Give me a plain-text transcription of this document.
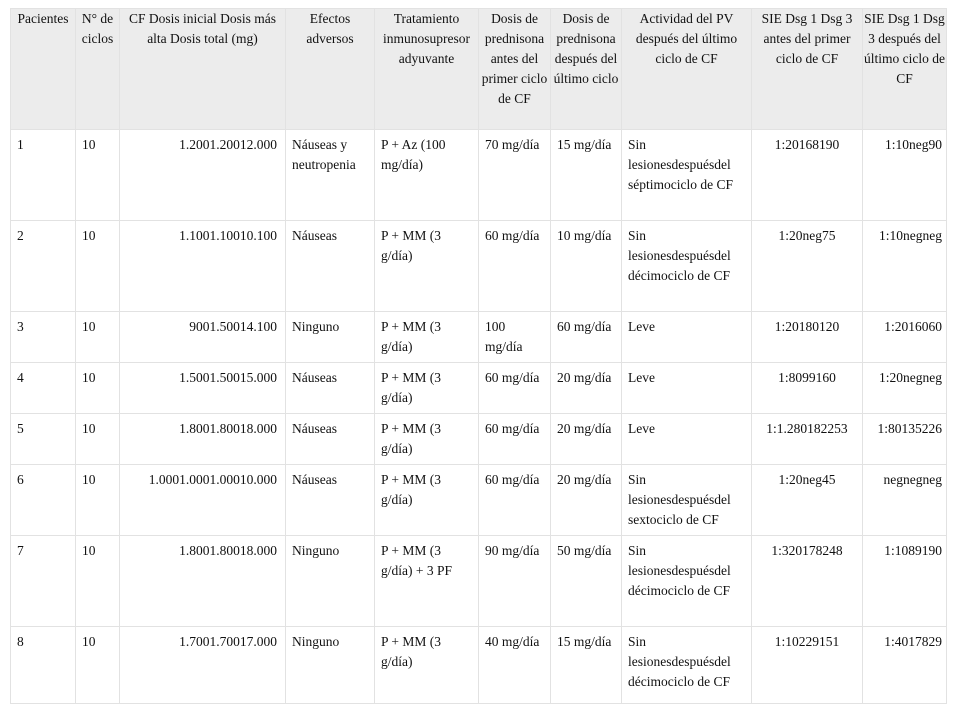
Pacientes	N° de ciclos	CF Dosis inicial Dosis más alta Dosis total (mg)	Efectos adversos	Tratamiento inmunosupresor adyuvante	Dosis de prednisona antes del primer ciclo de CF	Dosis de prednisona después del último ciclo	Actividad del PV después del último ciclo de CF	SIE Dsg 1 Dsg 3 antes del primer ciclo de CF	SIE Dsg 1 Dsg 3 después del último ciclo de CF
1	10	1.2001.20012.000	Náuseas y neutropenia	P + Az (100 mg/día)	70 mg/día	15 mg/día	Sin lesionesdespuésdel séptimociclo de CF	1:20168190	1:10neg90
2	10	1.1001.10010.100	Náuseas	P + MM (3 g/día)	60 mg/día	10 mg/día	Sin lesionesdespuésdel décimociclo de CF	1:20neg75	1:10negneg
3	10	9001.50014.100	Ninguno	P + MM (3 g/día)	100 mg/día	60 mg/día	Leve	1:20180120	1:2016060
4	10	1.5001.50015.000	Náuseas	P + MM (3 g/día)	60 mg/día	20 mg/día	Leve	1:8099160	1:20negneg
5	10	1.8001.80018.000	Náuseas	P + MM (3 g/día)	60 mg/día	20 mg/día	Leve	1:1.280182253	1:80135226
6	10	1.0001.0001.00010.000	Náuseas	P + MM (3 g/día)	60 mg/día	20 mg/día	Sin lesionesdespuésdel sextociclo de CF	1:20neg45	negnegneg
7	10	1.8001.80018.000	Ninguno	P + MM (3 g/día) + 3 PF	90 mg/día	50 mg/día	Sin lesionesdespuésdel décimociclo de CF	1:320178248	1:1089190
8	10	1.7001.70017.000	Ninguno	P + MM (3 g/día)	40 mg/día	15 mg/día	Sin lesionesdespuésdel décimociclo de CF	1:10229151	1:4017829
